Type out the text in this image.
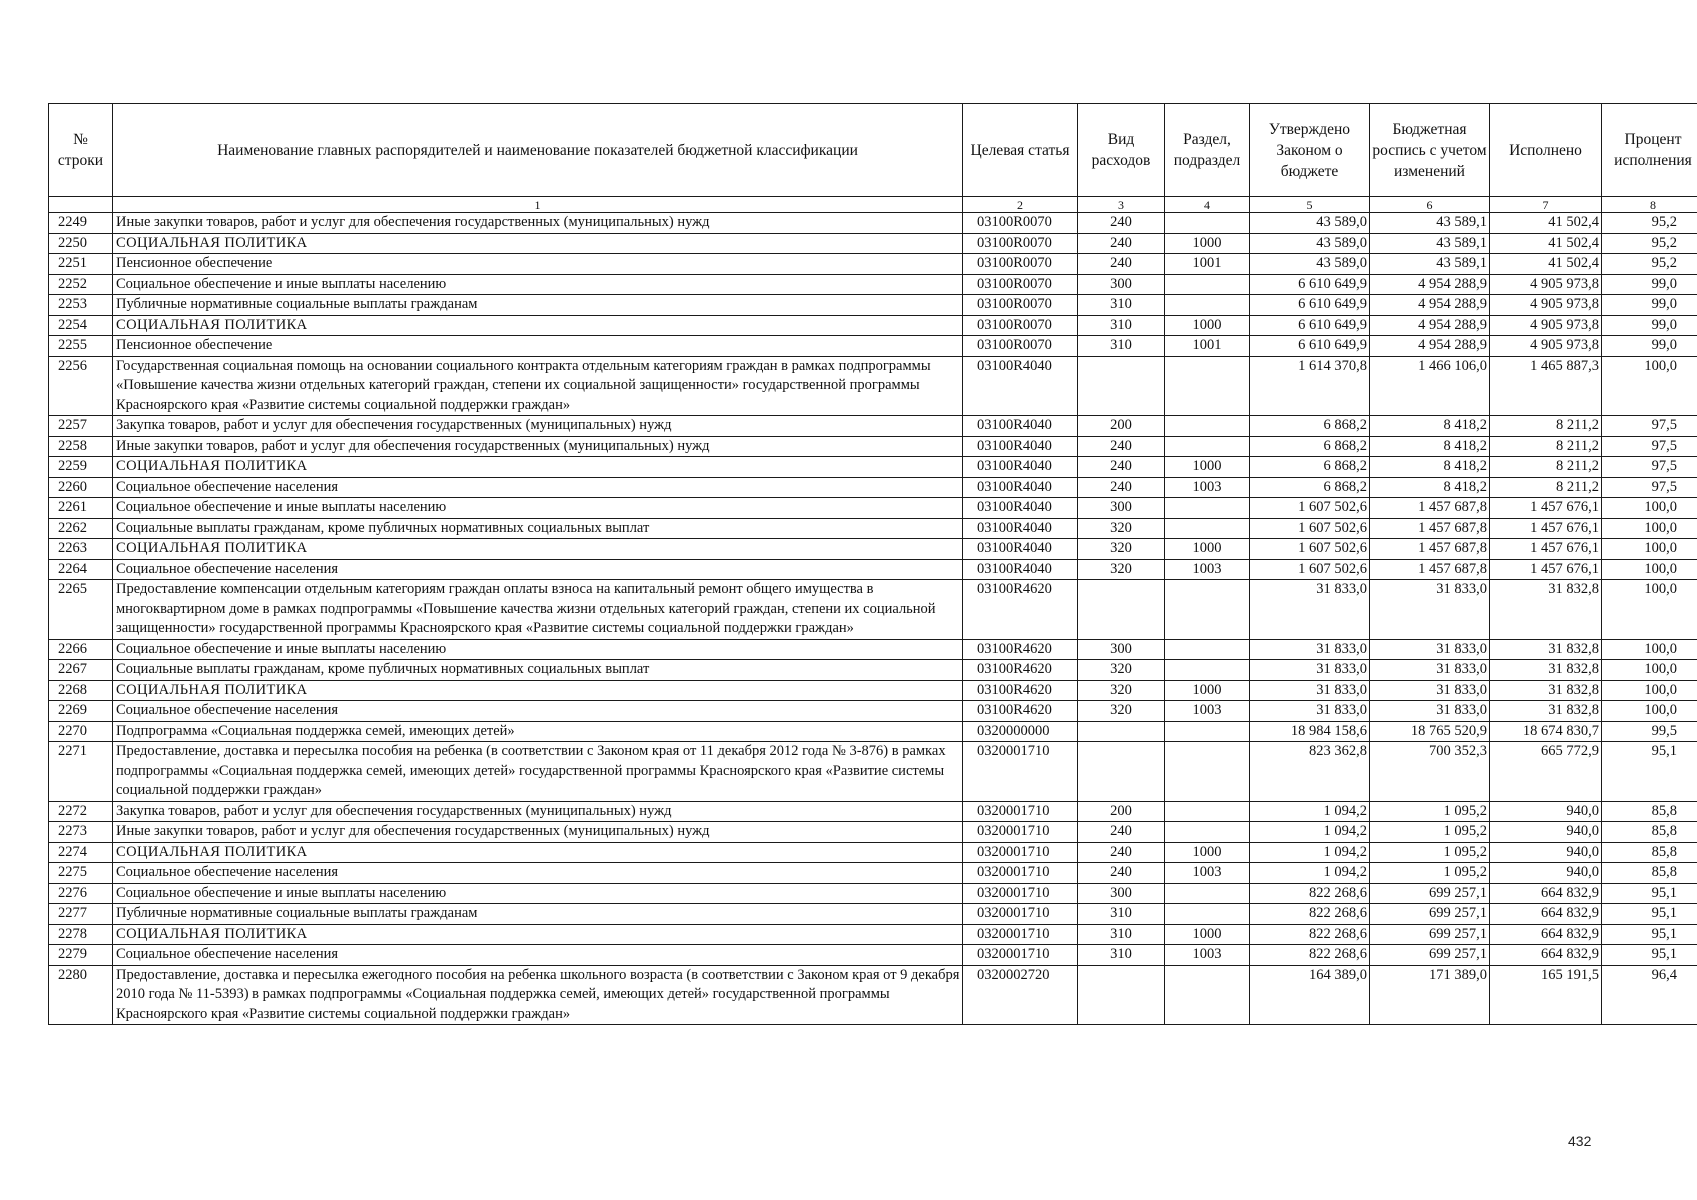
№ строки	Наименование главных распорядителей и наименование показателей бюджетной классификации	Целевая статья	Вид расходов	Раздел, подраздел	Утверждено Законом о бюджете	Бюджетная роспись с учетом изменений	Исполнено	Процент исполнения
	1	2	3	4	5	6	7	8
2249	Иные закупки товаров, работ и услуг для обеспечения государственных (муниципальных) нужд	03100R0070	240		43 589,0	43 589,1	41 502,4	95,2
2250	СОЦИАЛЬНАЯ ПОЛИТИКА	03100R0070	240	1000	43 589,0	43 589,1	41 502,4	95,2
2251	Пенсионное обеспечение	03100R0070	240	1001	43 589,0	43 589,1	41 502,4	95,2
2252	Социальное обеспечение и иные выплаты населению	03100R0070	300		6 610 649,9	4 954 288,9	4 905 973,8	99,0
2253	Публичные нормативные социальные выплаты гражданам	03100R0070	310		6 610 649,9	4 954 288,9	4 905 973,8	99,0
2254	СОЦИАЛЬНАЯ ПОЛИТИКА	03100R0070	310	1000	6 610 649,9	4 954 288,9	4 905 973,8	99,0
2255	Пенсионное обеспечение	03100R0070	310	1001	6 610 649,9	4 954 288,9	4 905 973,8	99,0
2256	Государственная социальная помощь на основании социального контракта отдельным категориям граждан в рамках подпрограммы «Повышение качества жизни отдельных категорий граждан, степени их социальной защищенности» государственной программы Красноярского края «Развитие системы социальной поддержки граждан»	03100R4040			1 614 370,8	1 466 106,0	1 465 887,3	100,0
2257	Закупка товаров, работ и услуг для обеспечения государственных (муниципальных) нужд	03100R4040	200		6 868,2	8 418,2	8 211,2	97,5
2258	Иные закупки товаров, работ и услуг для обеспечения государственных (муниципальных) нужд	03100R4040	240		6 868,2	8 418,2	8 211,2	97,5
2259	СОЦИАЛЬНАЯ ПОЛИТИКА	03100R4040	240	1000	6 868,2	8 418,2	8 211,2	97,5
2260	Социальное обеспечение населения	03100R4040	240	1003	6 868,2	8 418,2	8 211,2	97,5
2261	Социальное обеспечение и иные выплаты населению	03100R4040	300		1 607 502,6	1 457 687,8	1 457 676,1	100,0
2262	Социальные выплаты гражданам, кроме публичных нормативных социальных выплат	03100R4040	320		1 607 502,6	1 457 687,8	1 457 676,1	100,0
2263	СОЦИАЛЬНАЯ ПОЛИТИКА	03100R4040	320	1000	1 607 502,6	1 457 687,8	1 457 676,1	100,0
2264	Социальное обеспечение населения	03100R4040	320	1003	1 607 502,6	1 457 687,8	1 457 676,1	100,0
2265	Предоставление компенсации отдельным категориям граждан оплаты взноса на капитальный ремонт общего имущества в многоквартирном доме в рамках подпрограммы «Повышение качества жизни отдельных категорий граждан, степени их социальной защищенности» государственной программы Красноярского края «Развитие системы социальной поддержки граждан»	03100R4620			31 833,0	31 833,0	31 832,8	100,0
2266	Социальное обеспечение и иные выплаты населению	03100R4620	300		31 833,0	31 833,0	31 832,8	100,0
2267	Социальные выплаты гражданам, кроме публичных нормативных социальных выплат	03100R4620	320		31 833,0	31 833,0	31 832,8	100,0
2268	СОЦИАЛЬНАЯ ПОЛИТИКА	03100R4620	320	1000	31 833,0	31 833,0	31 832,8	100,0
2269	Социальное обеспечение населения	03100R4620	320	1003	31 833,0	31 833,0	31 832,8	100,0
2270	Подпрограмма «Социальная поддержка семей, имеющих детей»	0320000000			18 984 158,6	18 765 520,9	18 674 830,7	99,5
2271	Предоставление, доставка и пересылка пособия на ребенка (в соответствии с Законом края от 11 декабря 2012 года № 3-876) в рамках подпрограммы «Социальная поддержка семей, имеющих детей» государственной программы Красноярского края «Развитие системы социальной поддержки граждан»	0320001710			823 362,8	700 352,3	665 772,9	95,1
2272	Закупка товаров, работ и услуг для обеспечения государственных (муниципальных) нужд	0320001710	200		1 094,2	1 095,2	940,0	85,8
2273	Иные закупки товаров, работ и услуг для обеспечения государственных (муниципальных) нужд	0320001710	240		1 094,2	1 095,2	940,0	85,8
2274	СОЦИАЛЬНАЯ ПОЛИТИКА	0320001710	240	1000	1 094,2	1 095,2	940,0	85,8
2275	Социальное обеспечение населения	0320001710	240	1003	1 094,2	1 095,2	940,0	85,8
2276	Социальное обеспечение и иные выплаты населению	0320001710	300		822 268,6	699 257,1	664 832,9	95,1
2277	Публичные нормативные социальные выплаты гражданам	0320001710	310		822 268,6	699 257,1	664 832,9	95,1
2278	СОЦИАЛЬНАЯ ПОЛИТИКА	0320001710	310	1000	822 268,6	699 257,1	664 832,9	95,1
2279	Социальное обеспечение населения	0320001710	310	1003	822 268,6	699 257,1	664 832,9	95,1
2280	Предоставление, доставка и пересылка ежегодного пособия на ребенка школьного возраста (в соответствии с Законом края от 9 декабря 2010 года № 11-5393) в рамках подпрограммы «Социальная поддержка семей, имеющих детей» государственной программы Красноярского края «Развитие системы социальной поддержки граждан»	0320002720			164 389,0	171 389,0	165 191,5	96,4
432
